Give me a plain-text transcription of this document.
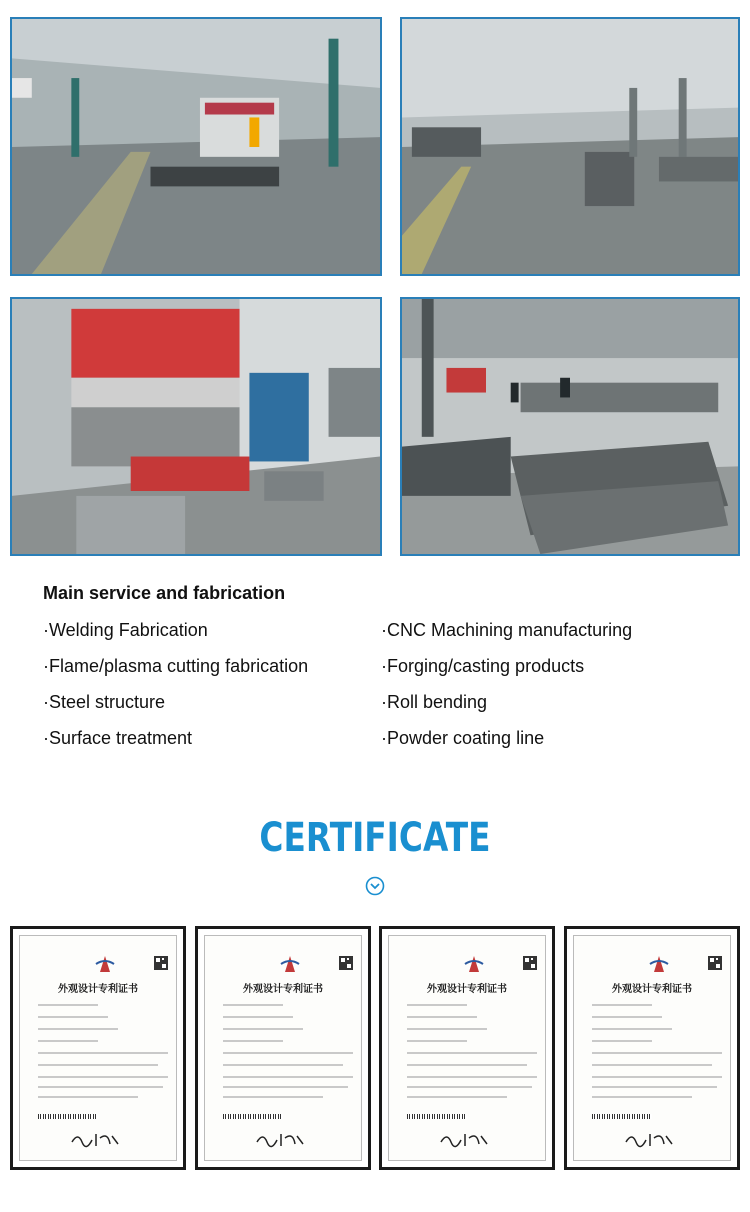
Main service and fabrication
·Welding Fabrication
·Flame/plasma cutting fabrication
·Steel structure
·Surface treatment
·CNC Machining manufacturing
·Forging/casting products
·Roll bending
·Powder coating line
CERTIFICATE
外观设计专利证书	外观设计专利证书	外观设计专利证书	外观设计专利证书
